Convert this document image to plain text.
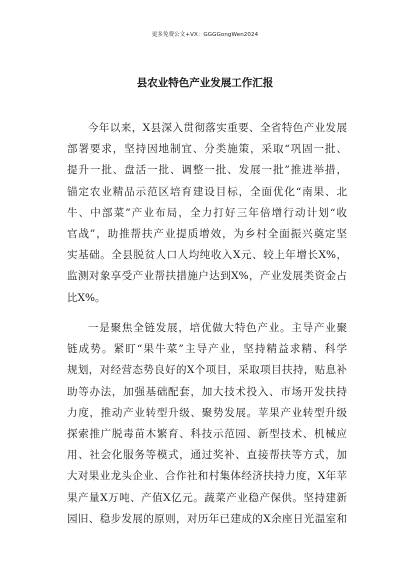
更多免费公文+VX：GGGGongWen2024
县农业特色产业发展工作汇报
今年以来，X县深入贯彻落实重要、全省特色产业发展
部署要求，坚持因地制宜、分类施策，采取“巩固一批、
提升一批、盘活一批、调整一批、发展一批”推进举措，
锚定农业精品示范区培育建设目标，全面优化“南果、北
牛、中部菜”产业布局，全力打好三年倍增行动计划“收
官战”，助推帮扶产业提质增效，为乡村全面振兴奠定坚
实基础。全县脱贫人口人均纯收入X元、较上年增长X%，
监测对象享受产业帮扶措施户达到X%，产业发展类资金占
比X%。
一是聚焦全链发展，培优做大特色产业。主导产业聚
链成势。紧盯“果牛菜”主导产业，坚持精益求精、科学
规划，对经营态势良好的X个项目，采取项目扶持，贴息补
助等办法，加强基础配套，加大技术投入、市场开发扶持
力度，推动产业转型升级、聚势发展。苹果产业转型升级
探索推广脱毒苗木繁育、科技示范园、新型技术、机械应
用、社会化服务等模式，通过奖补、直接帮扶等方式，加
大对果业龙头企业、合作社和村集体经济扶持力度，X年苹
果产量X万吨、产值X亿元。蔬菜产业稳产保供。坚持建新
园旧、稳步发展的原则，对历年已建成的X余座日光温室和
